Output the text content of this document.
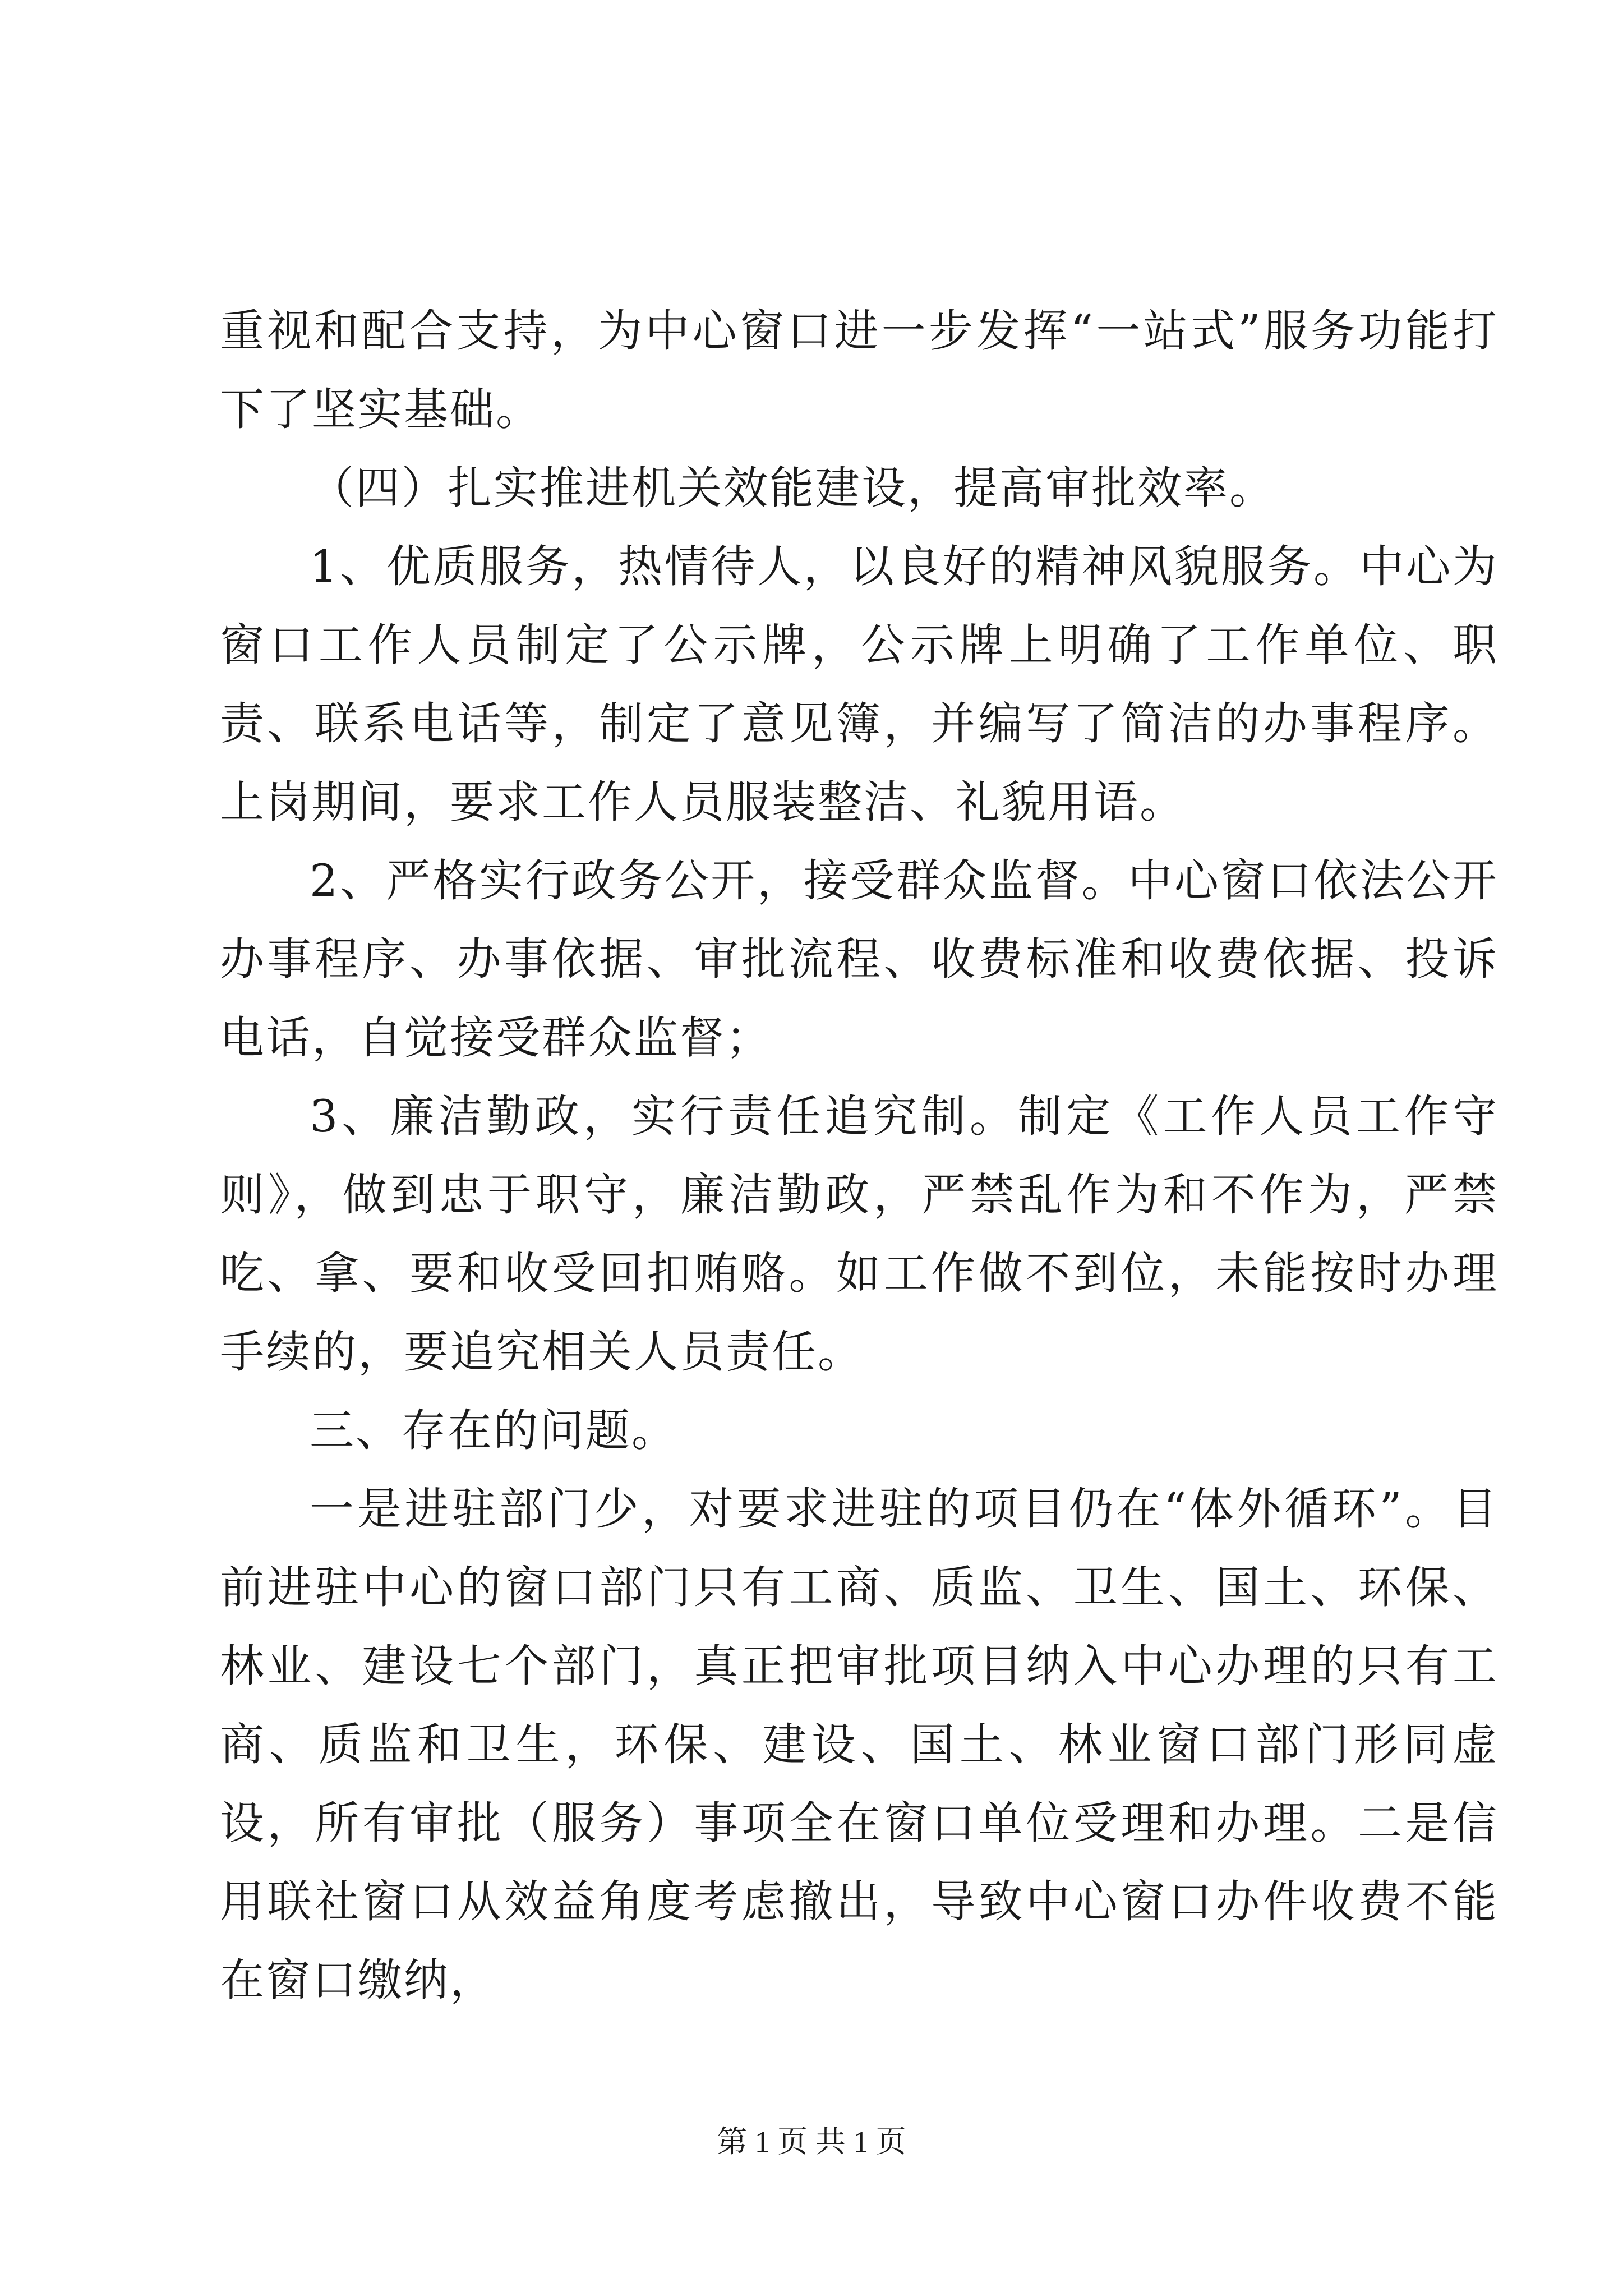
重视和配合支持，为中心窗口进一步发挥“一站式”服务功能打下了坚实基础。

（四）扎实推进机关效能建设，提高审批效率。

1、优质服务，热情待人，以良好的精神风貌服务。中心为窗口工作人员制定了公示牌，公示牌上明确了工作单位、职责、联系电话等，制定了意见簿，并编写了简洁的办事程序。上岗期间，要求工作人员服装整洁、礼貌用语。

2、严格实行政务公开，接受群众监督。中心窗口依法公开办事程序、办事依据、审批流程、收费标准和收费依据、投诉电话，自觉接受群众监督；

3、廉洁勤政，实行责任追究制。制定《工作人员工作守则》，做到忠于职守，廉洁勤政，严禁乱作为和不作为，严禁吃、拿、要和收受回扣贿赂。如工作做不到位，未能按时办理手续的，要追究相关人员责任。

三、存在的问题。

一是进驻部门少，对要求进驻的项目仍在“体外循环”。目前进驻中心的窗口部门只有工商、质监、卫生、国土、环保、林业、建设七个部门，真正把审批项目纳入中心办理的只有工商、质监和卫生，环保、建设、国土、林业窗口部门形同虚设，所有审批（服务）事项全在窗口单位受理和办理。二是信用联社窗口从效益角度考虑撤出，导致中心窗口办件收费不能在窗口缴纳，

第 1 页 共 1 页
